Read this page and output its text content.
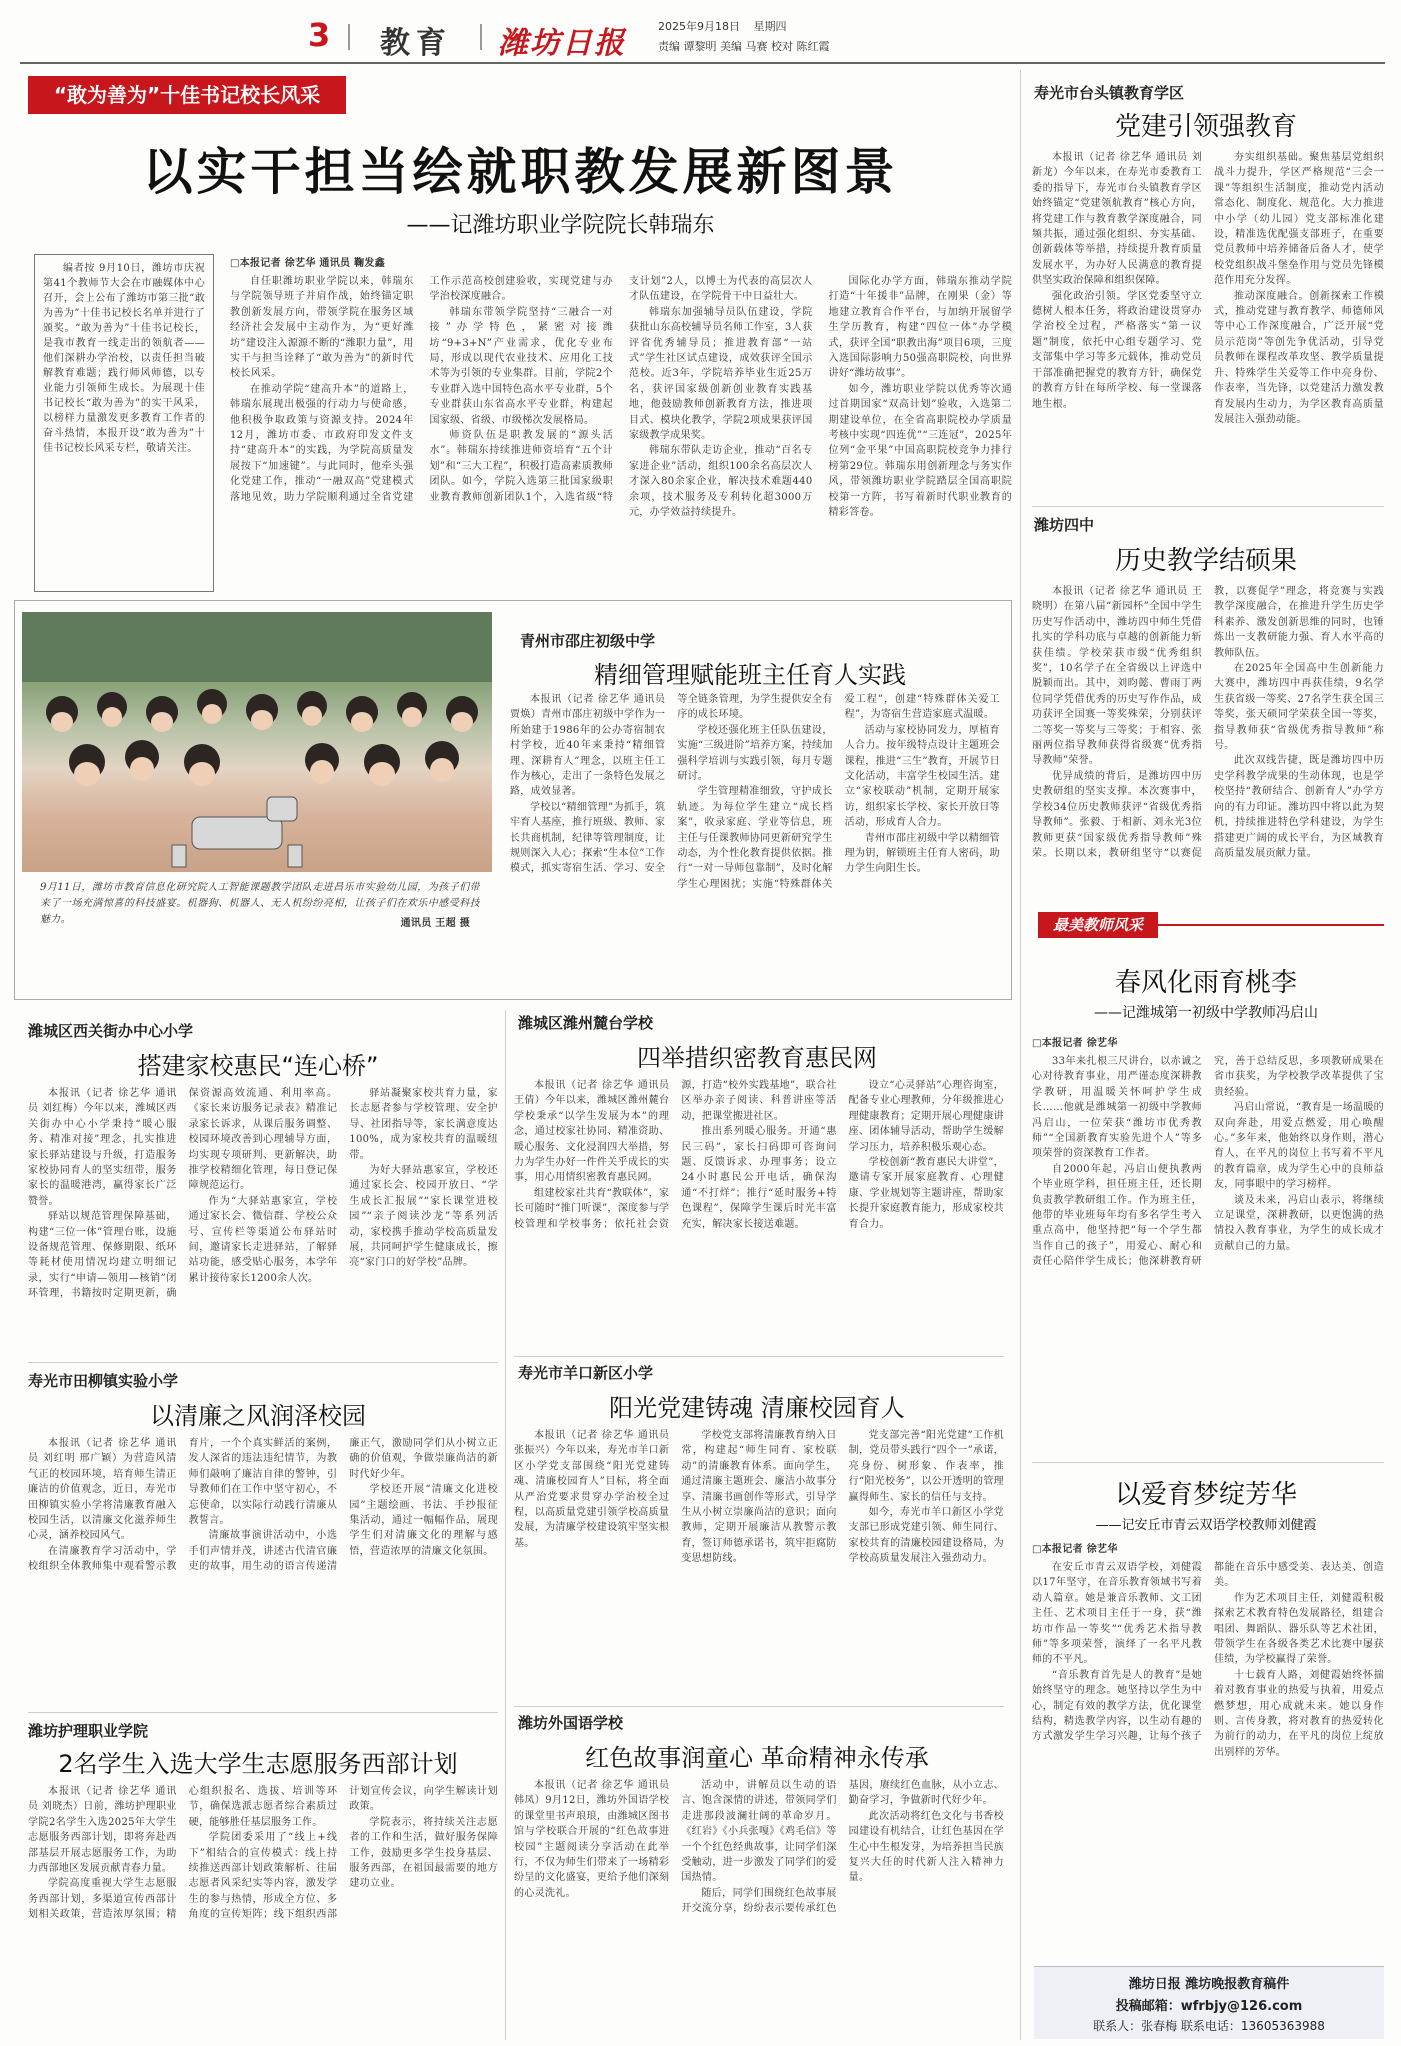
3 教育 潍坊日报	2025年9月18日 星期四
责编 谭黎明 美编 马赛 校对 陈红霞
“敢为善为”十佳书记校长风采
以实干担当绘就职教发展新图景
——记潍坊职业学院院长韩瑞东
编者按 9月10日，潍坊市庆祝第41个教师节大会在市融媒体中心召开，会上公布了潍坊市第三批“敢为善为”十佳书记校长名单并进行了颁奖。“敢为善为”十佳书记校长，是我市教育一线走出的领航者——他们深耕办学治校，以责任担当破解教育难题；践行师风师德，以专业能力引领师生成长。为展现十佳书记校长“敢为善为”的实干风采，以榜样力量激发更多教育工作者的奋斗热情，本报开设“敢为善为”十佳书记校长风采专栏，敬请关注。
□本报记者 徐艺华 通讯员 鞠发鑫

自任职潍坊职业学院以来，韩瑞东与学院领导班子并肩作战，始终锚定职教创新发展方向，带领学院在服务区域经济社会发展中主动作为，为“更好潍坊”建设注入源源不断的“潍职力量”，用实干与担当诠释了“敢为善为”的新时代校长风采。

在推动学院“建高升本”的道路上，韩瑞东展现出极强的行动力与使命感，他积极争取政策与资源支持。2024年12月，潍坊市委、市政府印发文件支持“建高升本”的实践，为学院高质量发展按下“加速键”。与此同时，他牵头强化党建工作，推动“一融双高”党建模式落地见效，助力学院顺利通过全省党建工作示范高校创建验收，实现党建与办学治校深度融合。

韩瑞东带领学院坚持“三融合一对接”办学特色，紧密对接潍坊“9+3+N”产业需求，优化专业布局，形成以现代农业技术、应用化工技术等为引领的专业集群。目前，学院2个专业群入选中国特色高水平专业群，5个专业群获山东省高水平专业群，构建起国家级、省级、市级梯次发展格局。

师资队伍是职教发展的“源头活水”。韩瑞东持续推进师资培育“五个计划”和“三大工程”，积极打造高素质教师团队。如今，学院入选第三批国家级职业教育教师创新团队1个，入选省级“特支计划”2人，以博士为代表的高层次人才队伍建设，在学院骨干中日益壮大。

韩瑞东加强辅导员队伍建设，学院获批山东高校辅导员名师工作室，3人获评省优秀辅导员；推进教育部“一站式”学生社区试点建设，成效获评全国示范校。近3年，学院培养毕业生近25万名，获评国家级创新创业教育实践基地，他鼓励教师创新教育方法，推进项目式、模块化教学，学院2项成果获评国家级教学成果奖。

韩瑞东带队走访企业，推动“百名专家进企业”活动，组织100余名高层次人才深入80余家企业，解决技术难题440余项，技术服务及专利转化超3000万元，办学效益持续提升。

国际化办学方面，韩瑞东推动学院打造“十年援非”品牌，在刚果（金）等地建立教育合作平台，与加纳开展留学生学历教育，构建“四位一体”办学模式，获评全国“职教出海”项目6项，三度入选国际影响力50强高职院校，向世界讲好“潍坊故事”。

如今，潍坊职业学院以优秀等次通过首期国家“双高计划”验收，入选第二期建设单位，在全省高职院校办学质量考核中实现“四连优”“三连冠”，2025年位列“金平果”中国高职院校竞争力排行榜第29位。韩瑞东用创新理念与务实作风，带领潍坊职业学院踏层全国高职院校第一方阵，书写着新时代职业教育的精彩答卷。

9月11日，潍坊市教育信息化研究院人工智能课题教学团队走进昌乐市实验幼儿园，为孩子们带来了一场充满惊喜的科技盛宴。机器狗、机器人、无人机纷纷亮相，让孩子们在欢乐中感受科技魅力。	通讯员 王超 摄
青州市邵庄初级中学
精细管理赋能班主任育人实践

本报讯（记者 徐艺华 通讯员 贾焕）青州市邵庄初级中学作为一所始建于1986年的公办寄宿制农村学校，近40年来秉持“精细管理、深耕育人”理念，以班主任工作为核心，走出了一条特色发展之路，成效显著。

学校以“精细管理”为抓手，筑牢育人基座，推行班级、教师、家长共商机制，纪律等管理制度，让规则深入人心；探索“生本位”工作模式，抓实寄宿生活、学习、安全等全链条管理，为学生提供安全有序的成长环境。

学校还强化班主任队伍建设，实施“三级进阶”培养方案，持续加强科学培训与实践引领，每月专题研讨。

学生管理精准细致，守护成长轨迹。为每位学生建立“成长档案”，收录家庭、学业等信息，班主任与任课教师协同更新研究学生动态，为个性化教育提供依据。推行“一对一导师包靠制”，及时化解学生心理困扰；实施“特殊群体关爱工程”，创建“特殊群体关爱工程”，为寄宿生营造家庭式温暖。

活动与家校协同发力，厚植育人合力。按年级特点设计主题班会课程，推进“三生”教育，开展节日文化活动，丰富学生校园生活。建立“家校联动”机制，定期开展家访，组织家长学校、家长开放日等活动，形成育人合力。

青州市邵庄初级中学以精细管理为钥，解锁班主任育人密码，助力学生向阳生长。

潍城区西关街办中心小学
搭建家校惠民“连心桥”

本报讯（记者 徐艺华 通讯员 刘红梅）今年以来，潍城区西关街办中心小学秉持“暖心服务、精准对接”理念，扎实推进家长驿站建设与升级，打造服务家校协同育人的坚实纽带，服务家长的温暖港湾，赢得家长广泛赞誉。

驿站以规范管理保障基础，构建“三位一体”管理台账，设施设备规范管理、保修期限、纸环等耗材使用情况均建立明细记录，实行“申请—领用—核销”闭环管理，书籍按时定期更新，确保资源高效流通、利用率高。《家长来访服务记录表》精准记录家长诉求，从课后服务调整、校园环境改善到心理辅导方面，均实现专项研判、更新解决，助推学校精细化管理，每日登记保障规范运行。

作为“大驿站惠家宣，学校通过家长会、微信群、学校公众号、宣传栏等渠道公布驿站时间，邀请家长走进驿站，了解驿站功能，感受贴心服务，本学年累计接待家长1200余人次。

驿站凝聚家校共育力量，家长志愿者参与学校管理、安全护导、社团指导等，家长满意度达100%，成为家校共育的温暖纽带。

为好大驿站惠家宣，学校还通过家长会、校园开放日、“学生成长汇报展”“家长课堂进校园”“亲子阅读沙龙”等系列活动，家校携手推动学校高质量发展，共同呵护学生健康成长，擦亮“家门口的好学校”品牌。

寿光市田柳镇实验小学
以清廉之风润泽校园

本报讯（记者 徐艺华 通讯员 刘红明 邢广颖）为营造风清气正的校园环境，培育师生清正廉洁的价值观念，近日，寿光市田柳镇实验小学将清廉教育融入校园生活，以清廉文化滋养师生心灵，涵养校园风气。

在清廉教育学习活动中，学校组织全体教师集中观看警示教育片，一个个真实鲜活的案例，发人深省的违法违纪情节，为教师们敲响了廉洁自律的警钟，引导教师们在工作中坚守初心，不忘使命，以实际行动践行清廉从教誓言。

清廉故事演讲活动中，小选手们声情并茂，讲述古代清官廉吏的故事，用生动的语言传递清廉正气，激励同学们从小树立正确的价值观，争做崇廉尚洁的新时代好少年。

学校还开展“清廉文化进校园”主题绘画、书法、手抄报征集活动，通过一幅幅作品，展现学生们对清廉文化的理解与感悟，营造浓厚的清廉文化氛围。

潍坊护理职业学院
2名学生入选大学生志愿服务西部计划

本报讯（记者 徐艺华 通讯员 刘晓杰）日前，潍坊护理职业学院2名学生入选2025年大学生志愿服务西部计划，即将奔赴西部基层开展志愿服务工作，为助力西部地区发展贡献青春力量。

学院高度重视大学生志愿服务西部计划，多渠道宣传西部计划相关政策，营造浓厚氛围；精心组织报名、选拔、培训等环节，确保选派志愿者综合素质过硬，能够胜任基层服务工作。

学院团委采用了“线上+线下”相结合的宣传模式：线上持续推送西部计划政策解析、往届志愿者风采纪实等内容，激发学生的参与热情，形成全方位、多角度的宣传矩阵；线下组织西部计划宣传会议，向学生解读计划政策。

学院表示，将持续关注志愿者的工作和生活，做好服务保障工作，鼓励更多学生投身基层、服务西部，在祖国最需要的地方建功立业。

潍城区潍州麓台学校
四举措织密教育惠民网

本报讯（记者 徐艺华 通讯员 王倩）今年以来，潍城区潍州麓台学校秉承“以学生发展为本”的理念，通过校家社协同、精准资助、暖心服务、文化浸润四大举措，努力为学生办好一件件关乎成长的实事，用心用情织密教育惠民网。

组建校家社共育“教联体”，家长可随时“推门听课”，深度参与学校管理和学校事务；依托社会资源，打造“校外实践基地”，联合社区举办亲子阅读、科普讲座等活动，把课堂搬进社区。

推出系列暖心服务。开通“惠民三码”，家长扫码即可咨询问题、反馈诉求、办理事务；设立24小时惠民公开电话，确保沟通“不打烊”；推行“延时服务+特色课程”，保障学生课后时光丰富充实，解决家长接送难题。

设立“心灵驿站”心理咨询室，配备专业心理教师，分年级推进心理健康教育；定期开展心理健康讲座、团体辅导活动，帮助学生缓解学习压力，培养积极乐观心态。

学校创新“教育惠民大讲堂”，邀请专家开展家庭教育、心理健康、学业规划等主题讲座，帮助家长提升家庭教育能力，形成家校共育合力。

寿光市羊口新区小学
阳光党建铸魂 清廉校园育人

本报讯（记者 徐艺华 通讯员 张振兴）今年以来，寿光市羊口新区小学党支部围绕“阳光党建铸魂、清廉校园育人”目标，将全面从严治党要求贯穿办学治校全过程，以高质量党建引领学校高质量发展，为清廉学校建设筑牢坚实根基。

学校党支部将清廉教育纳入日常，构建起“师生同育、家校联动”的清廉教育体系。面向学生，通过清廉主题班会、廉洁小故事分享、清廉书画创作等形式，引导学生从小树立崇廉尚洁的意识；面向教师，定期开展廉洁从教警示教育，签订师德承诺书，筑牢拒腐防变思想防线。

党支部完善“阳光党建”工作机制，党员带头践行“四个一”承诺，亮身份、树形象、作表率，推行“阳光校务”，以公开透明的管理赢得师生、家长的信任与支持。

如今，寿光市羊口新区小学党支部已形成党建引领、师生同行、家校共育的清廉校园建设格局，为学校高质量发展注入强劲动力。

潍坊外国语学校
红色故事润童心 革命精神永传承

本报讯（记者 徐艺华 通讯员 韩凤）9月12日，潍坊外国语学校的课堂里书声琅琅，由潍城区图书馆与学校联合开展的“红色故事进校园”主题阅读分享活动在此举行，不仅为师生们带来了一场精彩纷呈的文化盛宴，更给予他们深刻的心灵洗礼。

活动中，讲解员以生动的语言、饱含深情的讲述，带领同学们走进那段波澜壮阔的革命岁月。《红岩》《小兵张嘎》《鸡毛信》等一个个红色经典故事，让同学们深受触动，进一步激发了同学们的爱国热情。

随后，同学们围绕红色故事展开交流分享，纷纷表示要传承红色基因，赓续红色血脉，从小立志、勤奋学习，争做新时代好少年。

此次活动将红色文化与书香校园建设有机结合，让红色基因在学生心中生根发芽，为培养担当民族复兴大任的时代新人注入精神力量。

寿光市台头镇教育学区
党建引领强教育

本报讯（记者 徐艺华 通讯员 刘新龙）今年以来，在寿光市委教育工委的指导下，寿光市台头镇教育学区始终锚定“党建领航教育”核心方向，将党建工作与教育教学深度融合，同频共振，通过强化组织、夯实基础、创新载体等举措，持续提升教育质量发展水平，为办好人民满意的教育提供坚实政治保障和组织保障。

强化政治引领。学区党委坚守立德树人根本任务，将政治建设贯穿办学治校全过程，严格落实“第一议题”制度，依托中心组专题学习、党支部集中学习等多元载体，推动党员干部准确把握党的教育方针，确保党的教育方针在每所学校、每一堂课落地生根。

夯实组织基础。聚焦基层党组织战斗力提升，学区严格规范“三会一课”等组织生活制度，推动党内活动常态化、制度化、规范化。大力推进中小学（幼儿园）党支部标准化建设，精准选优配强支部班子，在重要党员教师中培养储备后备人才，使学校党组织战斗堡垒作用与党员先锋模范作用充分发挥。

推动深度融合。创新探索工作模式，推动党建与教育教学、师德师风等中心工作深度融合，广泛开展“党员示范岗”等创先争优活动，引导党员教师在课程改革攻坚、教学质量提升、特殊学生关爱等工作中亮身份、作表率，当先锋，以党建活力激发教育发展内生动力，为学区教育高质量发展注入强劲动能。

潍坊四中
历史教学结硕果

本报讯（记者 徐艺华 通讯员 王晓明）在第八届“新园杯”全国中学生历史写作活动中，潍坊四中师生凭借扎实的学科功底与卓越的创新能力斩获佳绩。学校荣获市级“优秀组织奖”，10名学子在全省级以上评选中脱颖而出。其中，刘昀懿、曹雨丁两位同学凭借优秀的历史写作作品，成功获评全国赛一等奖殊荣，分别获评二等奖一等奖与三等奖；于相容、张丽两位指导教师获得省级赛“优秀指导教师”荣誉。

优异成绩的背后，是潍坊四中历史教研组的坚实支撑。本次赛事中，学校34位历史教师获评“省级优秀指导教师”。张毅、于相新、刘永光3位教师更获“国家级优秀指导教师”殊荣。长期以来，教研组坚守“以赛促教，以赛促学”理念，将竞赛与实践教学深度融合，在推进升学生历史学科素养、激发创新思维的同时，也锤炼出一支教研能力强、育人水平高的教师队伍。

在2025年全国高中生创新能力大赛中，潍坊四中再获佳绩，9名学生获省级一等奖、27名学生获全国三等奖，张天硕同学荣获全国一等奖，指导教师获“省级优秀指导教师”称号。

此次双线告捷，既是潍坊四中历史学科教学成果的生动体现，也是学校坚持“教研结合、创新育人”办学方向的有力印证。潍坊四中将以此为契机，持续推进特色学科建设，为学生搭建更广阔的成长平台，为区域教育高质量发展贡献力量。

最美教师风采
春风化雨育桃李
——记潍城第一初级中学教师冯启山
□本报记者 徐艺华

33年来扎根三尺讲台，以赤诚之心对待教育事业，用严谨态度深耕教学教研，用温暖关怀呵护学生成长……他就是潍城第一初级中学教师冯启山，一位荣获“潍坊市优秀教师”“全国新教育实验先进个人”等多项荣誉的资深教育工作者。

自2000年起，冯启山便执教两个毕业班学科，担任班主任，还长期负责教学教研组工作。作为班主任，他带的毕业班每年均有多名学生考入重点高中，他坚持把“每一个学生都当作自己的孩子”，用爱心、耐心和责任心陪伴学生成长；他深耕教育研究，善于总结反思，多项教研成果在省市获奖，为学校教学改革提供了宝贵经验。

冯启山常说，“教育是一场温暖的双向奔赴，用爱点燃爱，用心唤醒心。”多年来，他始终以身作则，潜心育人，在平凡的岗位上书写着不平凡的教育篇章，成为学生心中的良师益友，同事眼中的学习榜样。

谈及未来，冯启山表示，将继续立足课堂，深耕教研，以更饱满的热情投入教育事业，为学生的成长成才贡献自己的力量。

以爱育梦绽芳华
——记安丘市青云双语学校教师刘健霞
□本报记者 徐艺华

在安丘市青云双语学校，刘健霞以17年坚守，在音乐教育领域书写着动人篇章。她是兼音乐教师、文工团主任、艺术项目主任于一身，获“潍坊市作品一等奖”“优秀艺术指导教师”等多项荣誉，演绎了一名平凡教师的不平凡。

“音乐教育首先是人的教育”是她始终坚守的理念。她坚持以学生为中心，制定有效的教学方法，优化课堂结构，精选教学内容，以生动有趣的方式激发学生学习兴趣，让每个孩子都能在音乐中感受美、表达美、创造美。

作为艺术项目主任，刘健霞积极探索艺术教育特色发展路径，组建合唱团、舞蹈队、器乐队等艺术社团，带领学生在各级各类艺术比赛中屡获佳绩，为学校赢得了荣誉。

十七载育人路，刘健霞始终怀揣着对教育事业的热爱与执着，用爱点燃梦想，用心成就未来。她以身作则、言传身教，将对教育的热爱转化为前行的动力，在平凡的岗位上绽放出别样的芳华。

潍坊日报 潍坊晚报教育稿件
投稿邮箱：wfrbjy@126.com
联系人：张春梅 联系电话：13605363988
